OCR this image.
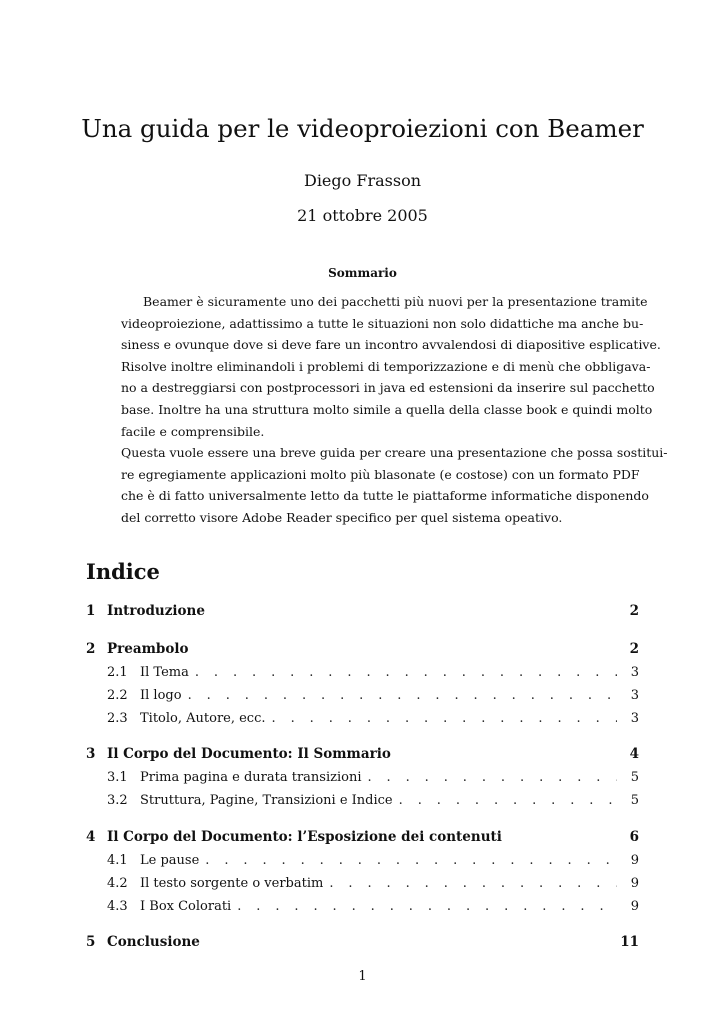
Una guida per le videoproiezioni con Beamer
Diego Frasson
21 ottobre 2005
Sommario
Beamer è sicuramente uno dei pacchetti più nuovi per la presentazione tramite
videoproiezione, adattissimo a tutte le situazioni non solo didattiche ma anche bu-
siness e ovunque dove si deve fare un incontro avvalendosi di diapositive esplicative.
Risolve inoltre eliminandoli i problemi di temporizzazione e di menù che obbligava-
no a destreggiarsi con postprocessori in java ed estensioni da inserire sul pacchetto
base. Inoltre ha una struttura molto simile a quella della classe book e quindi molto
facile e comprensibile.
Questa vuole essere una breve guida per creare una presentazione che possa sostitui-
re egregiamente applicazioni molto più blasonate (e costose) con un formato PDF
che è di fatto universalmente letto da tutte le piattaforme informatiche disponendo
del corretto visore Adobe Reader specifico per quel sistema opeativo.
Indice
1 Introduzione	2
2 Preambolo	2
2.1 Il Tema . . .	3
2.2 Il logo . . .	3
2.3 Titolo, Autore, ecc. . . .	3
3 Il Corpo del Documento: Il Sommario	4
3.1 Prima pagina e durata transizioni . . .	5
3.2 Struttura, Pagine, Transizioni e Indice . . .	5
4 Il Corpo del Documento: l’Esposizione dei contenuti	6
4.1 Le pause . . .	9
4.2 Il testo sorgente o verbatim . . .	9
4.3 I Box Colorati . . .	9
5 Conclusione	11
1
